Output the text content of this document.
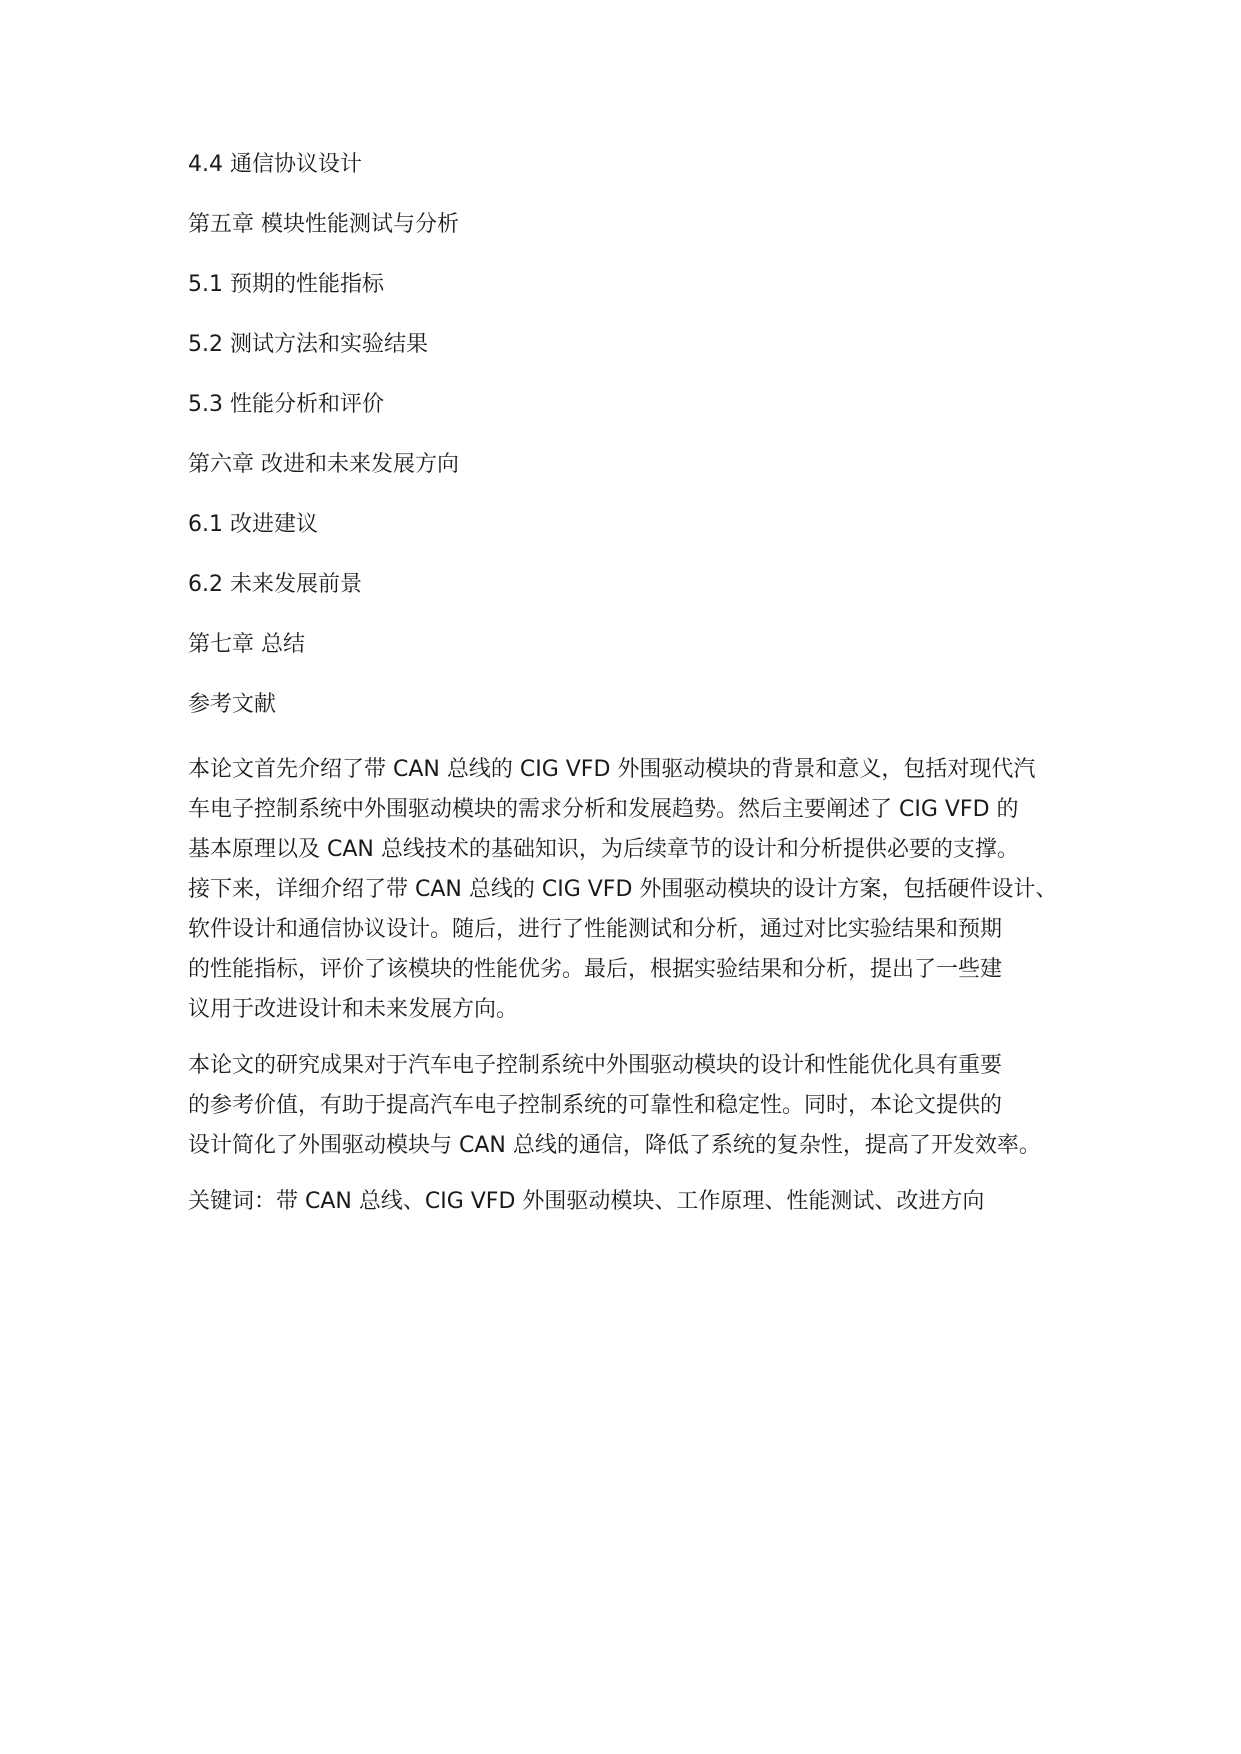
4.4 通信协议设计
第五章 模块性能测试与分析
5.1 预期的性能指标
5.2 测试方法和实验结果
5.3 性能分析和评价
第六章 改进和未来发展方向
6.1 改进建议
6.2 未来发展前景
第七章 总结
参考文献
本论文首先介绍了带 CAN 总线的 CIG VFD 外围驱动模块的背景和意义，包括对现代汽
车电子控制系统中外围驱动模块的需求分析和发展趋势。然后主要阐述了 CIG VFD 的
基本原理以及 CAN 总线技术的基础知识，为后续章节的设计和分析提供必要的支撑。
接下来，详细介绍了带 CAN 总线的 CIG VFD 外围驱动模块的设计方案，包括硬件设计、
软件设计和通信协议设计。随后，进行了性能测试和分析，通过对比实验结果和预期
的性能指标，评价了该模块的性能优劣。最后，根据实验结果和分析，提出了一些建
议用于改进设计和未来发展方向。
本论文的研究成果对于汽车电子控制系统中外围驱动模块的设计和性能优化具有重要
的参考价值，有助于提高汽车电子控制系统的可靠性和稳定性。同时，本论文提供的
设计简化了外围驱动模块与 CAN 总线的通信，降低了系统的复杂性，提高了开发效率。
关键词：带 CAN 总线、CIG VFD 外围驱动模块、工作原理、性能测试、改进方向
